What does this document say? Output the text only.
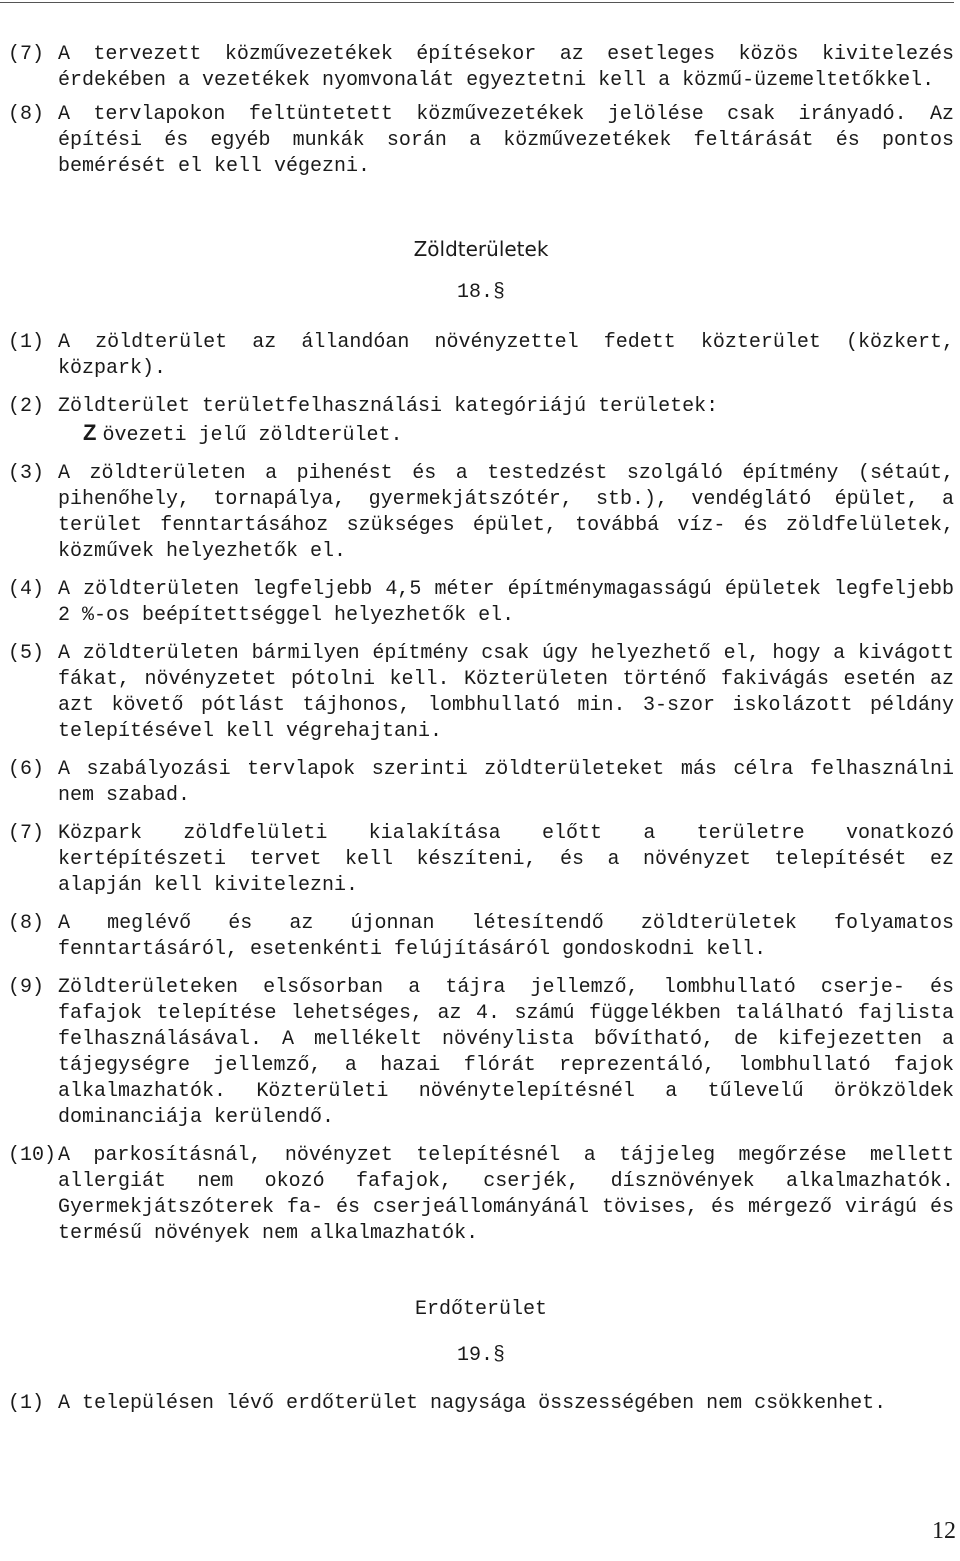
(7) A tervezett közművezetékek építésekor az esetleges közös kivitelezés érdekében a vezetékek nyomvonalát egyeztetni kell a közmű-üzemeltetőkkel.
(8) A tervlapokon feltüntetett közművezetékek jelölése csak irányadó. Az építési és egyéb munkák során a közművezetékek feltárását és pontos bemérését el kell végezni.
Zöldterületek
18.§
(1) A zöldterület az állandóan növényzettel fedett közterület (közkert, közpark).
(2) Zöldterület területfelhasználási kategóriájú területek:
Z övezeti jelű zöldterület.
(3) A zöldterületen a pihenést és a testedzést szolgáló építmény (sétaút, pihenőhely, tornapálya, gyermekjátszótér, stb.), vendéglátó épület, a terület fenntartásához szükséges épület, továbbá víz- és zöldfelületek, közművek helyezhetők el.
(4) A zöldterületen legfeljebb 4,5 méter építménymagasságú épületek legfeljebb 2 %-os beépítettséggel helyezhetők el.
(5) A zöldterületen bármilyen építmény csak úgy helyezhető el, hogy a kivágott fákat, növényzetet pótolni kell. Közterületen történő fakivágás esetén az azt követő pótlást tájhonos, lombhullató min. 3-szor iskolázott példány telepítésével kell végrehajtani.
(6) A szabályozási tervlapok szerinti zöldterületeket más célra felhasználni nem szabad.
(7) Közpark zöldfelületi kialakítása előtt a területre vonatkozó kertépítészeti tervet kell készíteni, és a növényzet telepítését ez alapján kell kivitelezni.
(8) A meglévő és az újonnan létesítendő zöldterületek folyamatos fenntartásáról, esetenkénti felújításáról gondoskodni kell.
(9) Zöldterületeken elsősorban a tájra jellemző, lombhullató cserje- és fafajok telepítése lehetséges, az 4. számú függelékben található fajlista felhasználásával. A mellékelt növénylista bővítható, de kifejezetten a tájegységre jellemző, a hazai flórát reprezentáló, lombhullató fajok alkalmazhatók. Közterületi növénytelepítésnél a tűlevelű örökzöldek dominanciája kerülendő.
(10) A parkosításnál, növényzet telepítésnél a tájjeleg megőrzése mellett allergiát nem okozó fafajok, cserjék, dísznövények alkalmazhatók. Gyermekjátszóterek fa- és cserjeállományánál tövises, és mérgező virágú és termésű növények nem alkalmazhatók.
Erdőterület
19.§
(1) A településen lévő erdőterület nagysága összességében nem csökkenhet.
12
